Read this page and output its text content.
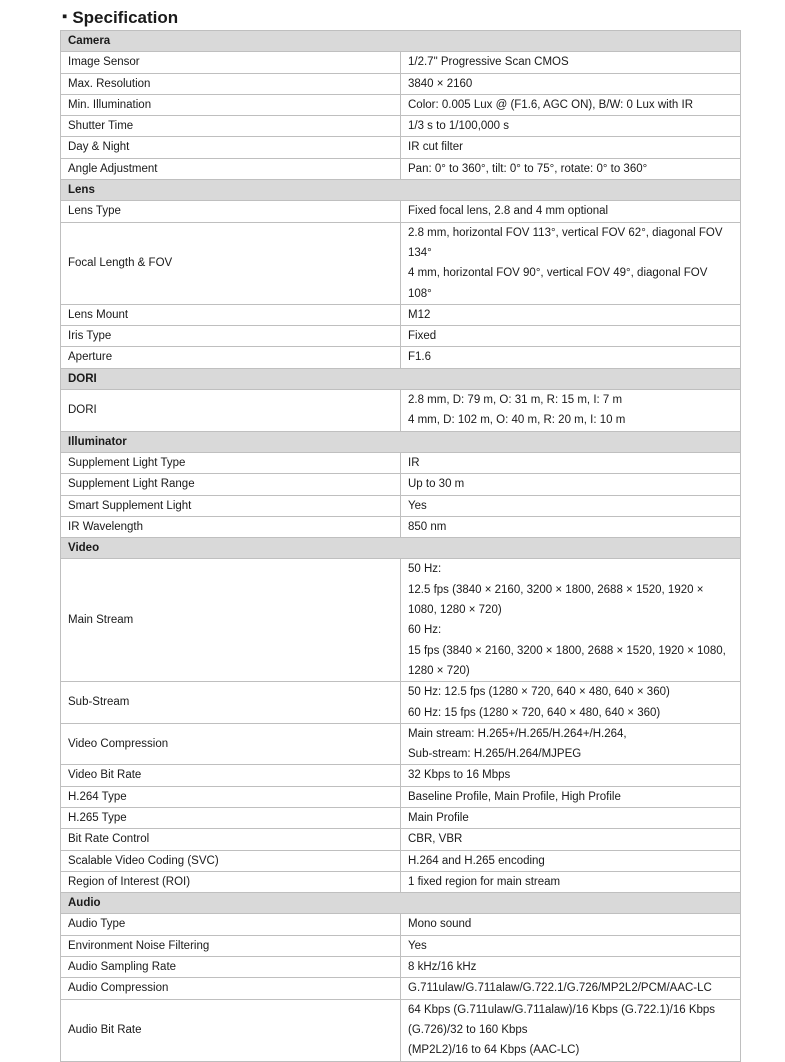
▪ Specification
Camera	
Image Sensor	1/2.7" Progressive Scan CMOS

Max. Resolution	3840 × 2160

Min. Illumination	Color: 0.005 Lux @ (F1.6, AGC ON), B/W: 0 Lux with IR

Shutter Time	1/3 s to 1/100,000 s

Day & Night	IR cut filter

Angle Adjustment	Pan: 0° to 360°, tilt: 0° to 75°, rotate: 0° to 360°

Lens	
Lens Type	Fixed focal lens, 2.8 and 4 mm optional

Focal Length & FOV	2.8 mm, horizontal FOV 113°, vertical FOV 62°, diagonal FOV 134°
4 mm, horizontal FOV 90°, vertical FOV 49°, diagonal FOV 108°

Lens Mount	M12

Iris Type	Fixed

Aperture	F1.6

DORI	
DORI	2.8 mm, D: 79 m, O: 31 m, R: 15 m, I: 7 m
4 mm, D: 102 m, O: 40 m, R: 20 m, I: 10 m

Illuminator	
Supplement Light Type	IR

Supplement Light Range	Up to 30 m

Smart Supplement Light	Yes

IR Wavelength	850 nm

Video	
Main Stream	50 Hz:
12.5 fps (3840 × 2160, 3200 × 1800, 2688 × 1520, 1920 × 1080, 1280 × 720)
60 Hz:
15 fps (3840 × 2160, 3200 × 1800, 2688 × 1520, 1920 × 1080, 1280 × 720)

Sub-Stream	50 Hz: 12.5 fps (1280 × 720, 640 × 480, 640 × 360)
60 Hz: 15 fps (1280 × 720, 640 × 480, 640 × 360)

Video Compression	Main stream: H.265+/H.265/H.264+/H.264,
Sub-stream: H.265/H.264/MJPEG

Video Bit Rate	32 Kbps to 16 Mbps

H.264 Type	Baseline Profile, Main Profile, High Profile

H.265 Type	Main Profile

Bit Rate Control	CBR, VBR

Scalable Video Coding (SVC)	H.264 and H.265 encoding

Region of Interest (ROI)	1 fixed region for main stream

Audio	
Audio Type	Mono sound

Environment Noise Filtering	Yes

Audio Sampling Rate	8 kHz/16 kHz

Audio Compression	G.711ulaw/G.711alaw/G.722.1/G.726/MP2L2/PCM/AAC-LC

Audio Bit Rate	64 Kbps (G.711ulaw/G.711alaw)/16 Kbps (G.722.1)/16 Kbps (G.726)/32 to 160 Kbps
(MP2L2)/16 to 64 Kbps (AAC-LC)
